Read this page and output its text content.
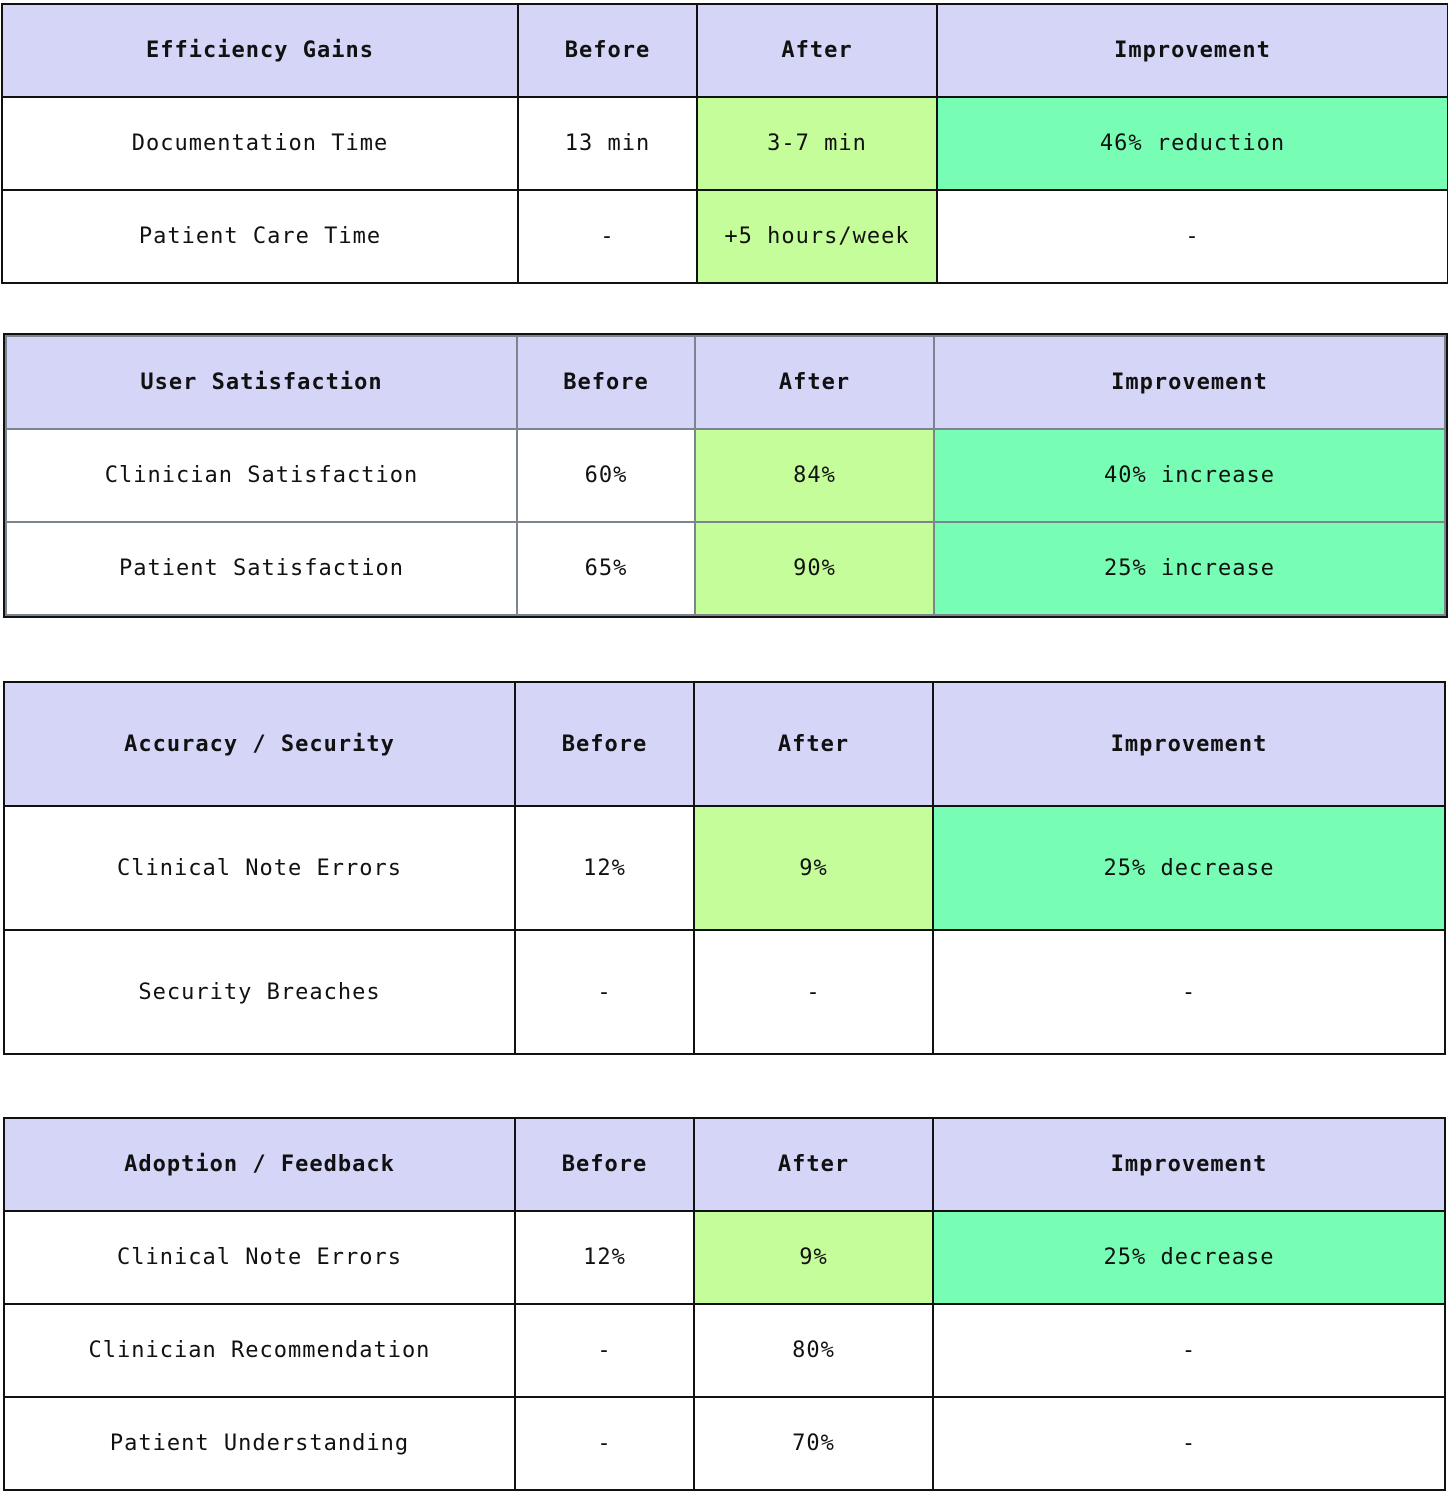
Efficiency Gains	Before	After	Improvement
Documentation Time	13 min	3-7 min	46% reduction
Patient Care Time	-	+5 hours/week	-
User Satisfaction	Before	After	Improvement
Clinician Satisfaction	60%	84%	40% increase
Patient Satisfaction	65%	90%	25% increase
Accuracy / Security	Before	After	Improvement
Clinical Note Errors	12%	9%	25% decrease
Security Breaches	-	-	-
Adoption / Feedback	Before	After	Improvement
Clinical Note Errors	12%	9%	25% decrease
Clinician Recommendation	-	80%	-
Patient Understanding	-	70%	-
